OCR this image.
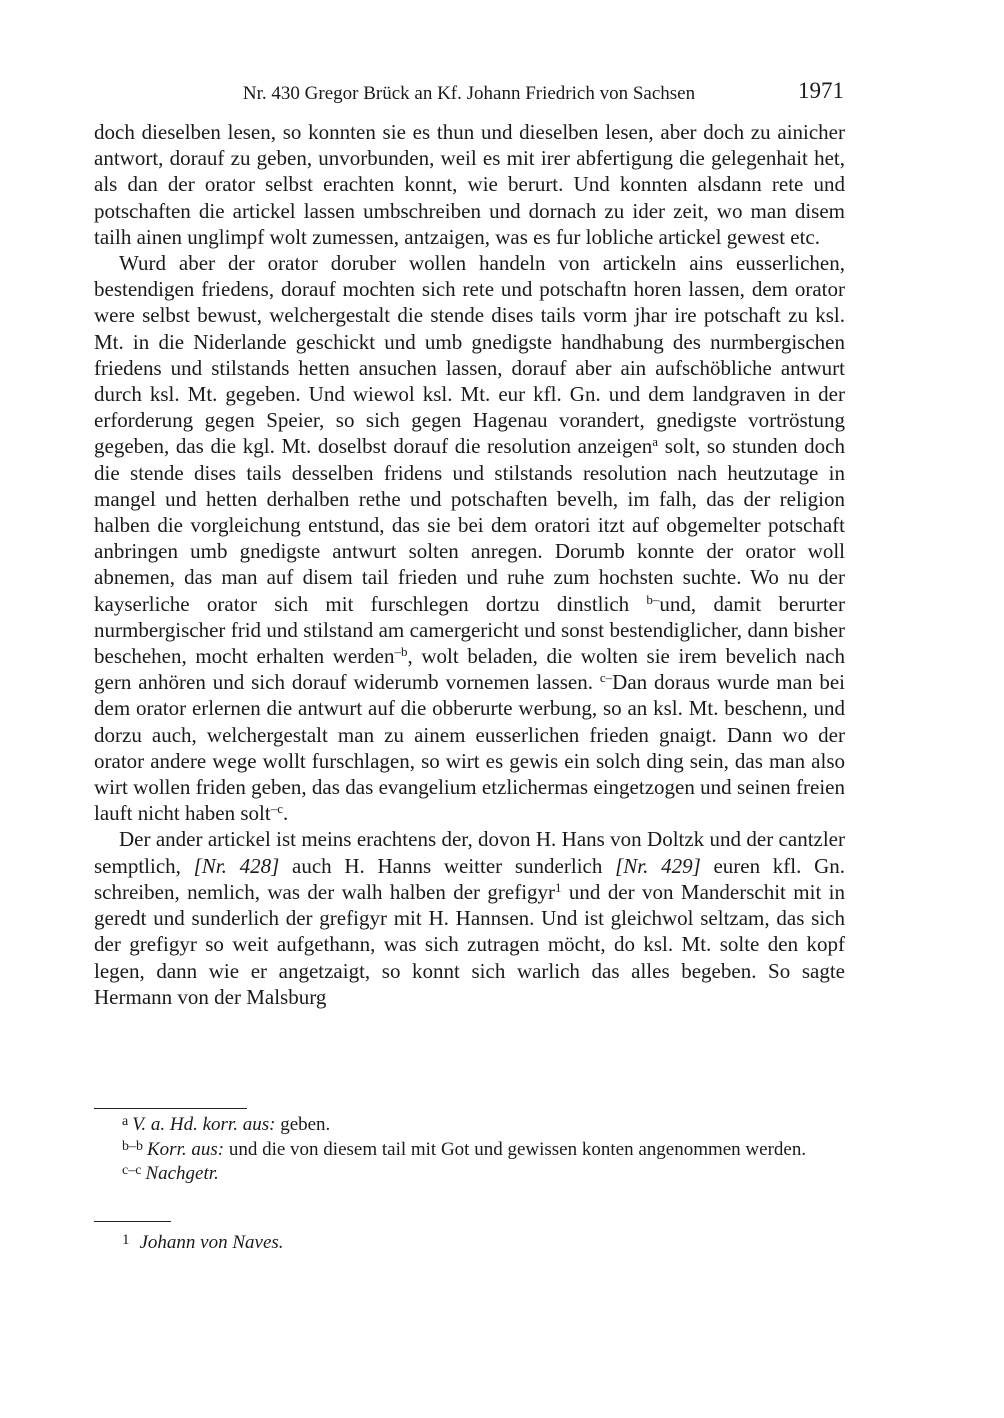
Nr. 430 Gregor Brück an Kf. Johann Friedrich von Sachsen	1971

doch dieselben lesen, so konnten sie es thun und dieselben lesen, aber doch zu ainicher antwort, dorauf zu geben, unvorbunden, weil es mit irer abfertigung die gelegenhait het, als dan der orator selbst erachten konnt, wie berurt. Und konnten alsdann rete und potschaften die artickel lassen umbschreiben und dornach zu ider zeit, wo man disem tailh ainen unglimpf wolt zumessen, antzaigen, was es fur lobliche artickel gewest etc.

Wurd aber der orator doruber wollen handeln von artickeln ains eusserlichen, bestendigen friedens, dorauf mochten sich rete und potschaftn horen lassen, dem orator were selbst bewust, welchergestalt die stende dises tails vorm jhar ire potschaft zu ksl. Mt. in die Niderlande geschickt und umb gnedigste handhabung des nurmbergischen friedens und stilstands hetten ansuchen lassen, dorauf aber ain aufschöbliche antwurt durch ksl. Mt. gegeben. Und wiewol ksl. Mt. eur kfl. Gn. und dem landgraven in der erforderung gegen Speier, so sich gegen Hagenau vorandert, gnedigste vortröstung gegeben, das die kgl. Mt. doselbst dorauf die resolution anzeigen$^a$ solt, so stunden doch die stende dises tails desselben fridens und stilstands resolution nach heutzutage in mangel und hetten derhalben rethe und potschaften bevelh, im falh, das der religion halben die vorgleichung entstund, das sie bei dem oratori itzt auf obgemelter potschaft anbringen umb gnedigste antwurt solten anregen. Dorumb konnte der orator woll abnemen, das man auf disem tail frieden und ruhe zum hochsten suchte. Wo nu der kayserliche orator sich mit furschlegen dortzu dinstlich $^{b-}$und, damit berurter nurmbergischer frid und stilstand am camergericht und sonst bestendiglicher, dann bisher beschehen, mocht erhalten werden$^{-b}$, wolt beladen, die wolten sie irem bevelich nach gern anhören und sich dorauf widerumb vornemen lassen. $^{c-}$Dan doraus wurde man bei dem orator erlernen die antwurt auf die obberurte werbung, so an ksl. Mt. beschenn, und dorzu auch, welchergestalt man zu ainem eusserlichen frieden gnaigt. Dann wo der orator andere wege wollt furschlagen, so wirt es gewis ein solch ding sein, das man also wirt wollen friden geben, das das evangelium etzlichermas eingetzogen und seinen freien lauft nicht haben solt$^{-c}$.

Der ander artickel ist meins erachtens der, dovon H. Hans von Doltzk und der cantzler semptlich, [Nr. 428] auch H. Hanns weitter sunderlich [Nr. 429] euren kfl. Gn. schreiben, nemlich, was der walh halben der grefigyr$^1$ und der von Manderschit mit in geredt und sunderlich der grefigyr mit H. Hannsen. Und ist gleichwol seltzam, das sich der grefigyr so weit aufgethann, was sich zutragen möcht, do ksl. Mt. solte den kopf legen, dann wie er angetzaigt, so konnt sich warlich das alles begeben. So sagte Hermann von der Malsburg

$^a$ V. a. Hd. korr. aus: geben.

$^{b-b}$ Korr. aus: und die von diesem tail mit Got und gewissen konten angenommen werden.

$^{c-c}$ Nachgetr.

$^1$ Johann von Naves.
